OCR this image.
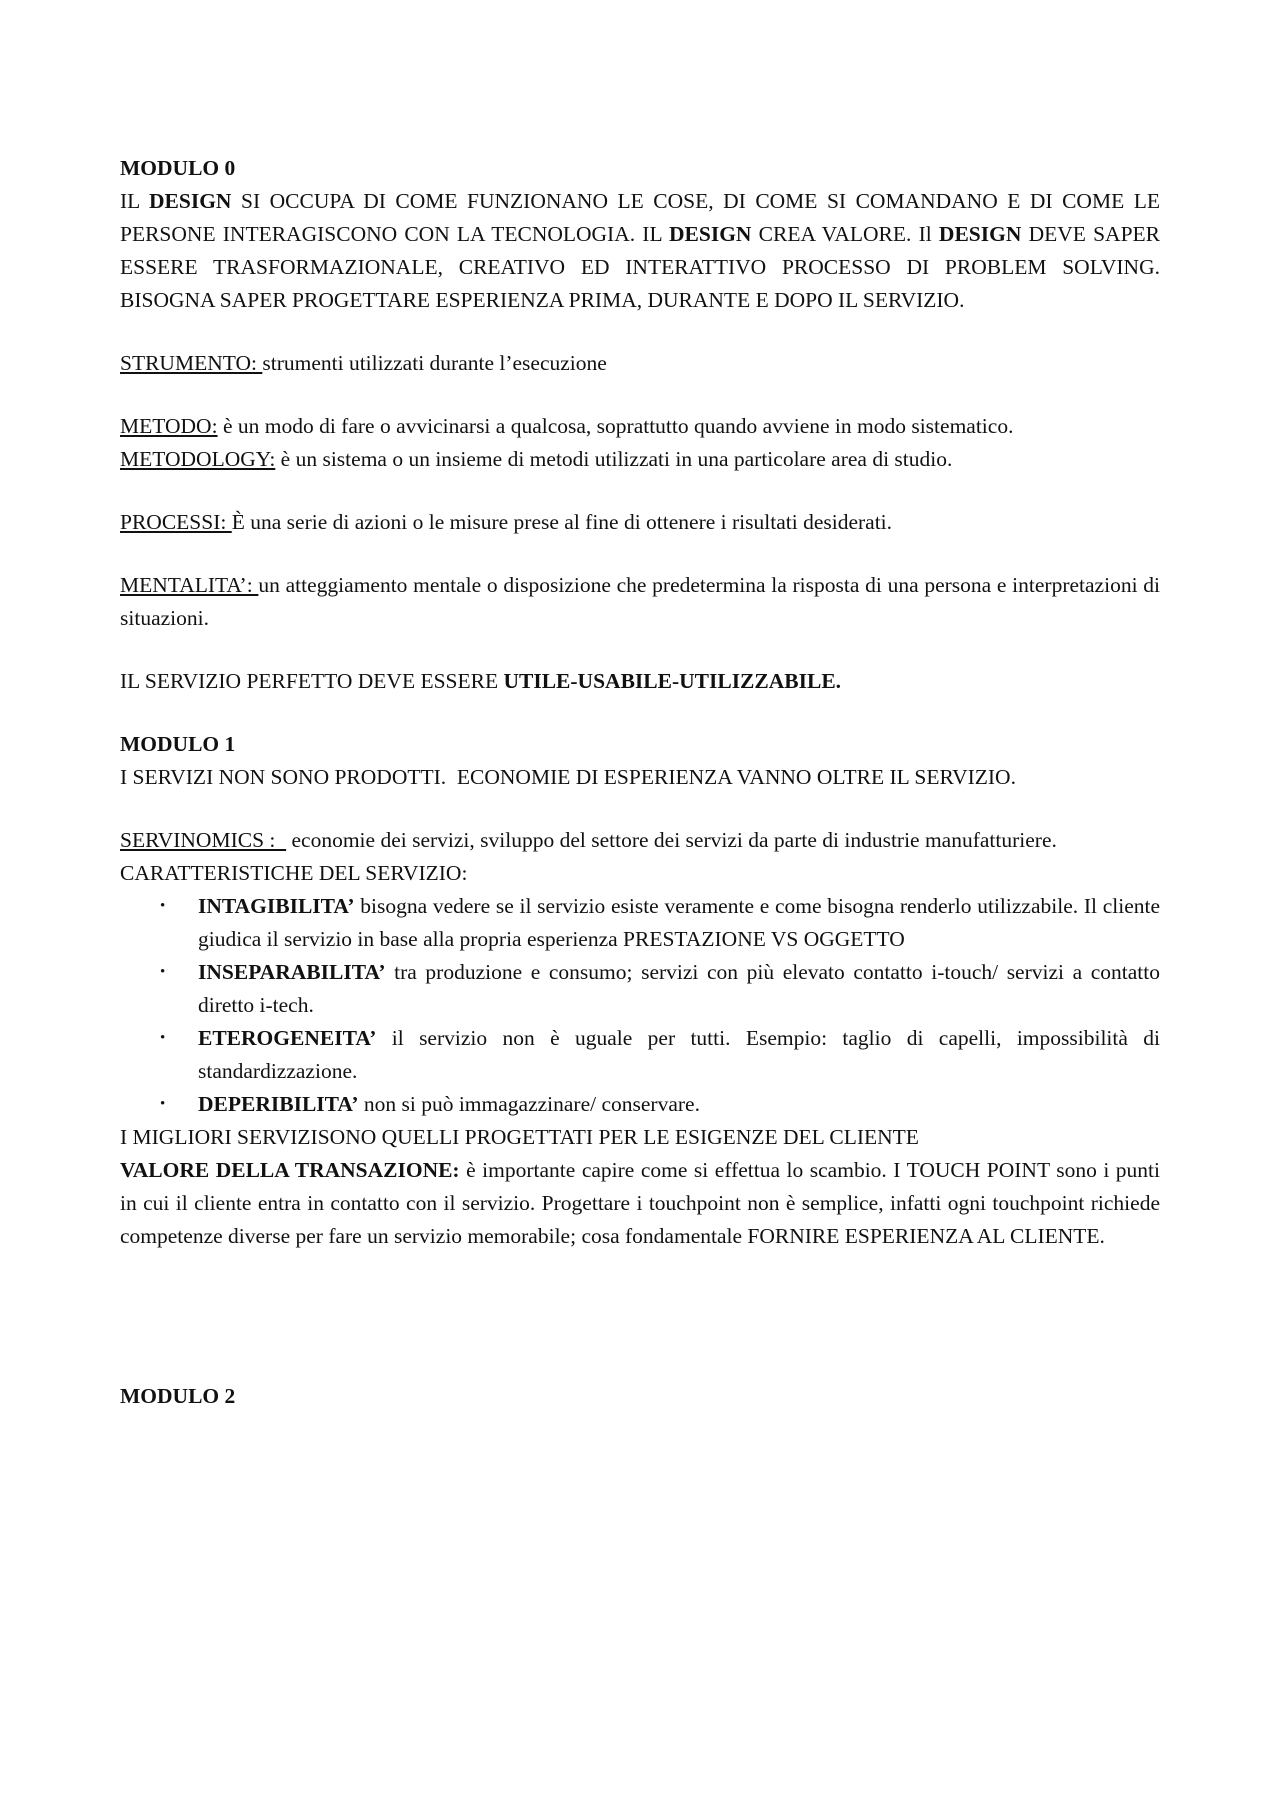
MODULO 0

IL DESIGN SI OCCUPA DI COME FUNZIONANO LE COSE, DI COME SI COMANDANO E DI COME LE PERSONE INTERAGISCONO CON LA TECNOLOGIA. IL DESIGN CREA VALORE. Il DESIGN DEVE SAPER ESSERE TRASFORMAZIONALE, CREATIVO ED INTERATTIVO PROCESSO DI PROBLEM SOLVING. BISOGNA SAPER PROGETTARE ESPERIENZA PRIMA, DURANTE E DOPO IL SERVIZIO.

STRUMENTO: strumenti utilizzati durante l’esecuzione

METODO: è un modo di fare o avvicinarsi a qualcosa, soprattutto quando avviene in modo sistematico.

METODOLOGY: è un sistema o un insieme di metodi utilizzati in una particolare area di studio.

PROCESSI: È una serie di azioni o le misure prese al fine di ottenere i risultati desiderati.

MENTALITA’: un atteggiamento mentale o disposizione che predetermina la risposta di una persona e interpretazioni di situazioni.

IL SERVIZIO PERFETTO DEVE ESSERE UTILE-USABILE-UTILIZZABILE.

MODULO 1

I SERVIZI NON SONO PRODOTTI.  ECONOMIE DI ESPERIENZA VANNO OLTRE IL SERVIZIO.

SERVINOMICS :   economie dei servizi, sviluppo del settore dei servizi da parte di industrie manufatturiere.

CARATTERISTICHE DEL SERVIZIO:

• INTAGIBILITA’ bisogna vedere se il servizio esiste veramente e come bisogna renderlo utilizzabile. Il cliente giudica il servizio in base alla propria esperienza PRESTAZIONE VS OGGETTO
• INSEPARABILITA’ tra produzione e consumo; servizi con più elevato contatto i-touch/ servizi a contatto diretto i-tech.
• ETEROGENEITA’ il servizio non è uguale per tutti. Esempio: taglio di capelli, impossibilità di standardizzazione.
• DEPERIBILITA’ non si può immagazzinare/ conservare.

I MIGLIORI SERVIZISONO QUELLI PROGETTATI PER LE ESIGENZE DEL CLIENTE

VALORE DELLA TRANSAZIONE: è importante capire come si effettua lo scambio. I TOUCH POINT sono i punti in cui il cliente entra in contatto con il servizio. Progettare i touchpoint non è semplice, infatti ogni touchpoint richiede competenze diverse per fare un servizio memorabile; cosa fondamentale FORNIRE ESPERIENZA AL CLIENTE.

MODULO 2
